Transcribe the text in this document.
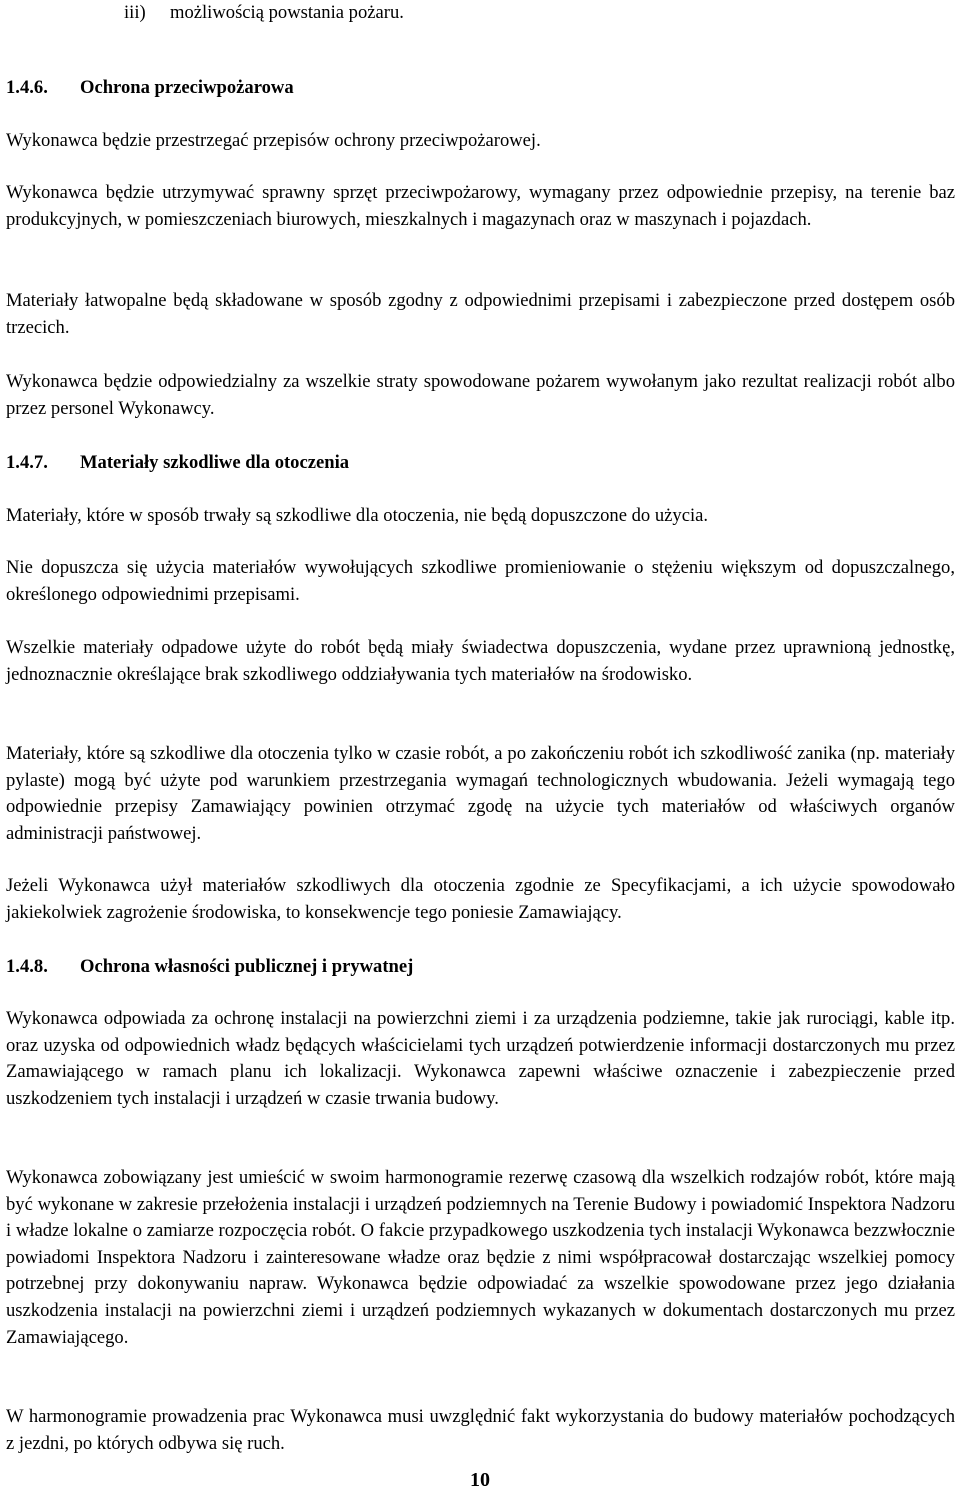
iii) możliwością powstania pożaru.

1.4.6. Ochrona przeciwpożarowa

Wykonawca będzie przestrzegać przepisów ochrony przeciwpożarowej.

Wykonawca będzie utrzymywać sprawny sprzęt przeciwpożarowy, wymagany przez odpowiednie przepisy, na terenie baz produkcyjnych, w pomieszczeniach biurowych, mieszkalnych i magazynach oraz w maszynach i pojazdach.

Materiały łatwopalne będą składowane w sposób zgodny z odpowiednimi przepisami i zabezpieczone przed dostępem osób trzecich.

Wykonawca będzie odpowiedzialny za wszelkie straty spowodowane pożarem wywołanym jako rezultat realizacji robót albo przez personel Wykonawcy.

1.4.7. Materiały szkodliwe dla otoczenia

Materiały, które w sposób trwały są szkodliwe dla otoczenia, nie będą dopuszczone do użycia.

Nie dopuszcza się użycia materiałów wywołujących szkodliwe promieniowanie o stężeniu większym od dopuszczalnego, określonego odpowiednimi przepisami.

Wszelkie materiały odpadowe użyte do robót będą miały świadectwa dopuszczenia, wydane przez uprawnioną jednostkę, jednoznacznie określające brak szkodliwego oddziaływania tych materiałów na środowisko.

Materiały, które są szkodliwe dla otoczenia tylko w czasie robót, a po zakończeniu robót ich szkodliwość zanika (np. materiały pylaste) mogą być użyte pod warunkiem przestrzegania wymagań technologicznych wbudowania. Jeżeli wymagają tego odpowiednie przepisy Zamawiający powinien otrzymać zgodę na użycie tych materiałów od właściwych organów administracji państwowej.

Jeżeli Wykonawca użył materiałów szkodliwych dla otoczenia zgodnie ze Specyfikacjami, a ich użycie spowodowało jakiekolwiek zagrożenie środowiska, to konsekwencje tego poniesie Zamawiający.

1.4.8. Ochrona własności publicznej i prywatnej

Wykonawca odpowiada za ochronę instalacji na powierzchni ziemi i za urządzenia podziemne, takie jak rurociągi, kable itp. oraz uzyska od odpowiednich władz będących właścicielami tych urządzeń potwierdzenie informacji dostarczonych mu przez Zamawiającego w ramach planu ich lokalizacji. Wykonawca zapewni właściwe oznaczenie i zabezpieczenie przed uszkodzeniem tych instalacji i urządzeń w czasie trwania budowy.

Wykonawca zobowiązany jest umieścić w swoim harmonogramie rezerwę czasową dla wszelkich rodzajów robót, które mają być wykonane w zakresie przełożenia instalacji i urządzeń podziemnych na Terenie Budowy i powiadomić Inspektora Nadzoru i władze lokalne o zamiarze rozpoczęcia robót. O fakcie przypadkowego uszkodzenia tych instalacji Wykonawca bezzwłocznie powiadomi Inspektora Nadzoru i zainteresowane władze oraz będzie z nimi współpracował dostarczając wszelkiej pomocy potrzebnej przy dokonywaniu napraw. Wykonawca będzie odpowiadać za wszelkie spowodowane przez jego działania uszkodzenia instalacji na powierzchni ziemi i urządzeń podziemnych wykazanych w dokumentach dostarczonych mu przez Zamawiającego.

W harmonogramie prowadzenia prac Wykonawca musi uwzględnić fakt wykorzystania do budowy materiałów pochodzących z jezdni, po których odbywa się ruch.

10
